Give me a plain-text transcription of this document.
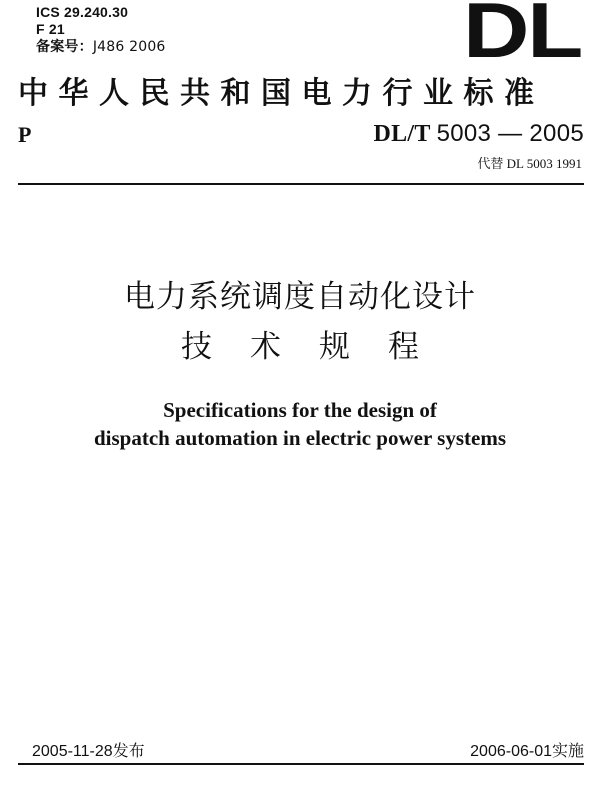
ICS 29.240.30
F 21
备案号：J486 2006	DL
中华人民共和国电力行业标准
P	DL/T 5003 — 2005
代替 DL 5003 1991
电力系统调度自动化设计
技术规程
Specifications for the design of
dispatch automation in electric power systems
2005-11-28发布	2006-06-01实施
